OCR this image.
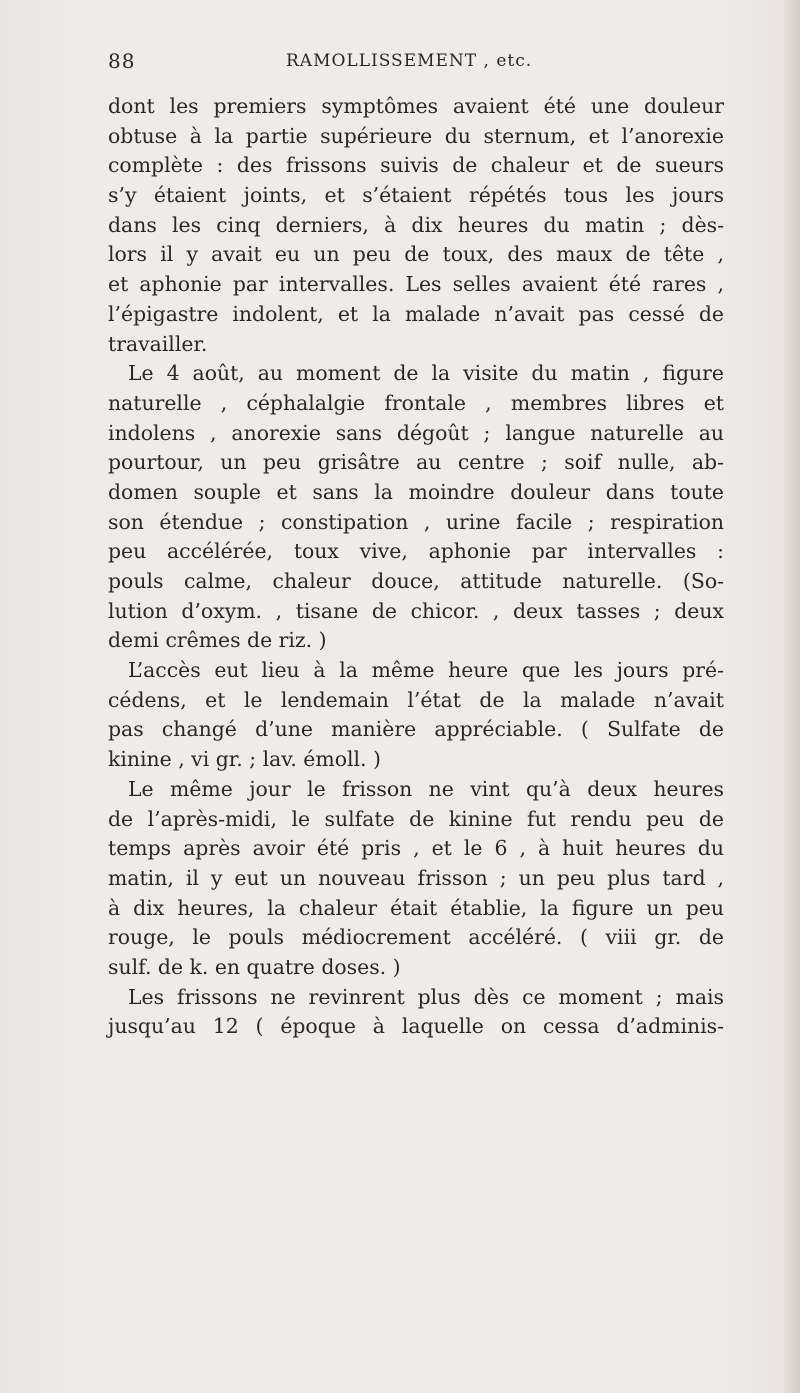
88	RAMOLLISSEMENT , etc.
dont les premiers symptômes avaient été une douleur
obtuse à la partie supérieure du sternum, et l’anorexie
complète : des frissons suivis de chaleur et de sueurs
s’y étaient joints, et s’étaient répétés tous les jours
dans les cinq derniers, à dix heures du matin ; dès-
lors il y avait eu un peu de toux, des maux de tête ,
et aphonie par intervalles. Les selles avaient été rares ,
l’épigastre indolent, et la malade n’avait pas cessé de
travailler.
Le 4 août, au moment de la visite du matin , figure
naturelle , céphalalgie frontale , membres libres et
indolens , anorexie sans dégoût ; langue naturelle au
pourtour, un peu grisâtre au centre ; soif nulle, ab-
domen souple et sans la moindre douleur dans toute
son étendue ; constipation , urine facile ; respiration
peu accélérée, toux vive, aphonie par intervalles :
pouls calme, chaleur douce, attitude naturelle. (So-
lution d’oxym. , tisane de chicor. , deux tasses ; deux
demi crêmes de riz. )
L’accès eut lieu à la même heure que les jours pré-
cédens, et le lendemain l’état de la malade n’avait
pas changé d’une manière appréciable. ( Sulfate de
kinine , vi gr. ; lav. émoll. )
Le même jour le frisson ne vint qu’à deux heures
de l’après-midi, le sulfate de kinine fut rendu peu de
temps après avoir été pris , et le 6 , à huit heures du
matin, il y eut un nouveau frisson ; un peu plus tard ,
à dix heures, la chaleur était établie, la figure un peu
rouge, le pouls médiocrement accéléré. ( viii gr. de
sulf. de k. en quatre doses. )
Les frissons ne revinrent plus dès ce moment ; mais
jusqu’au 12 ( époque à laquelle on cessa d’adminis-
